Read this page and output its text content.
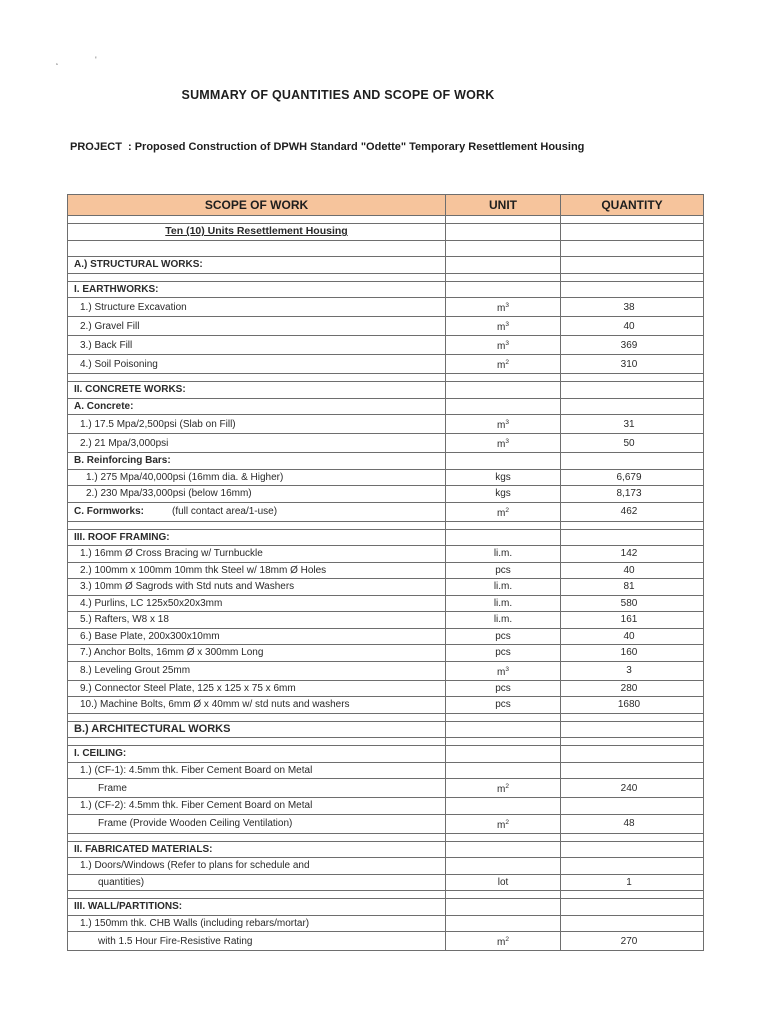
˛	'
SUMMARY OF QUANTITIES AND SCOPE OF WORK
PROJECT : Proposed Construction of DPWH Standard "Odette" Temporary Resettlement Housing
SCOPE OF WORK	UNIT	QUANTITY

Ten (10) Units Resettlement Housing		

A.) STRUCTURAL WORKS:		

I. EARTHWORKS:		
1.) Structure Excavation	$m^3$	38
2.) Gravel Fill	$m^3$	40
3.) Back Fill	$m^3$	369
4.) Soil Poisoning	$m^2$	310

II. CONCRETE WORKS:		
A. Concrete:		
1.) 17.5 Mpa/2,500psi (Slab on Fill)	$m^3$	31
2.) 21 Mpa/3,000psi	$m^3$	50
B. Reinforcing Bars:		
1.) 275 Mpa/40,000psi (16mm dia. & Higher)	kgs	6,679
2.) 230 Mpa/33,000psi (below 16mm)	kgs	8,173
C. Formworks: (full contact area/1-use)	$m^2$	462

III. ROOF FRAMING:		
1.) 16mm Ø Cross Bracing w/ Turnbuckle	li.m.	142
2.) 100mm x 100mm 10mm thk Steel w/ 18mm Ø Holes	pcs	40
3.) 10mm Ø Sagrods with Std nuts and Washers	li.m.	81
4.) Purlins, LC 125x50x20x3mm	li.m.	580
5.) Rafters, W8 x 18	li.m.	161
6.) Base Plate, 200x300x10mm	pcs	40
7.) Anchor Bolts, 16mm Ø x 300mm Long	pcs	160
8.) Leveling Grout 25mm	$m^3$	3
9.) Connector Steel Plate, 125 x 125 x 75 x 6mm	pcs	280
10.) Machine Bolts, 6mm Ø x 40mm w/ std nuts and washers	pcs	1680

B.) ARCHITECTURAL WORKS		

I. CEILING:		
1.) (CF-1): 4.5mm thk. Fiber Cement Board on Metal		
Frame	$m^2$	240
1.) (CF-2): 4.5mm thk. Fiber Cement Board on Metal		
Frame (Provide Wooden Ceiling Ventilation)	$m^2$	48

II. FABRICATED MATERIALS:		
1.) Doors/Windows (Refer to plans for schedule and		
quantities)	lot	1

III. WALL/PARTITIONS:		
1.) 150mm thk. CHB Walls (including rebars/mortar)		
with 1.5 Hour Fire-Resistive Rating	$m^2$	270
